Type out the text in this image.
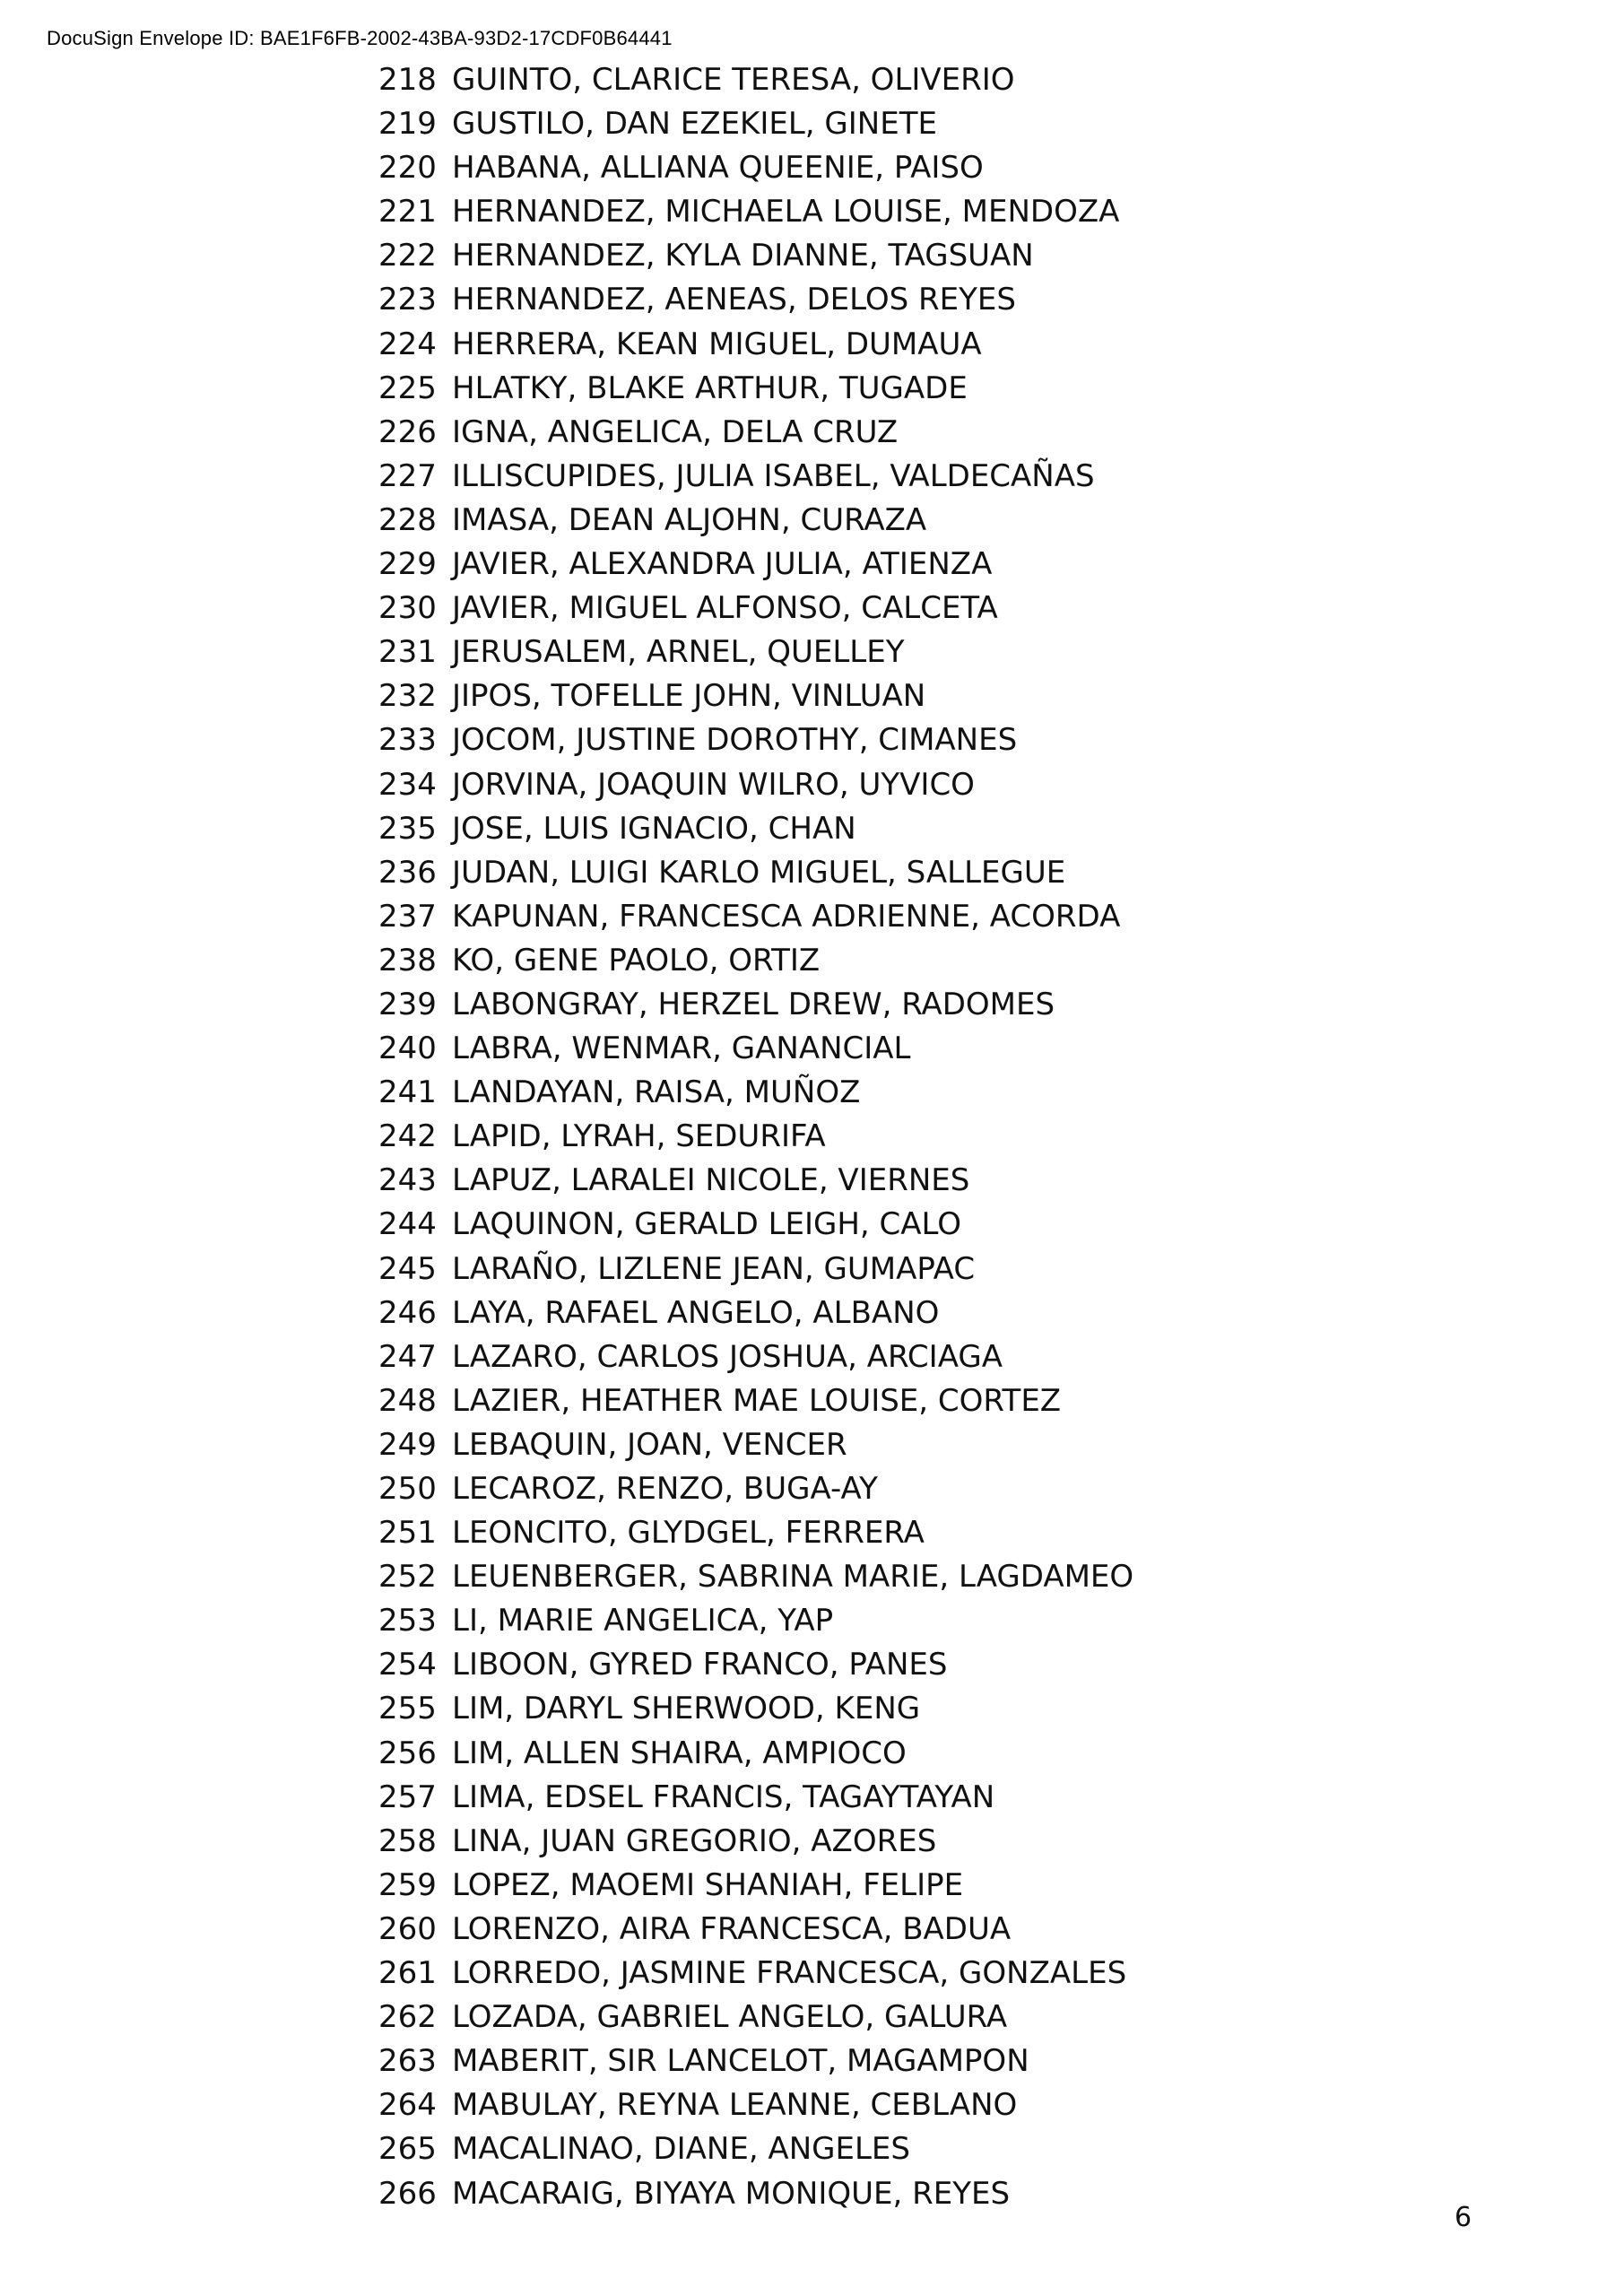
DocuSign Envelope ID: BAE1F6FB-2002-43BA-93D2-17CDF0B64441
218 GUINTO, CLARICE TERESA, OLIVERIO
219 GUSTILO, DAN EZEKIEL, GINETE
220 HABANA, ALLIANA QUEENIE, PAISO
221 HERNANDEZ, MICHAELA LOUISE, MENDOZA
222 HERNANDEZ, KYLA DIANNE, TAGSUAN
223 HERNANDEZ, AENEAS, DELOS REYES
224 HERRERA, KEAN MIGUEL, DUMAUA
225 HLATKY, BLAKE ARTHUR, TUGADE
226 IGNA, ANGELICA, DELA CRUZ
227 ILLISCUPIDES, JULIA ISABEL, VALDECAÑAS
228 IMASA, DEAN ALJOHN, CURAZA
229 JAVIER, ALEXANDRA JULIA, ATIENZA
230 JAVIER, MIGUEL ALFONSO, CALCETA
231 JERUSALEM, ARNEL, QUELLEY
232 JIPOS, TOFELLE JOHN, VINLUAN
233 JOCOM, JUSTINE DOROTHY, CIMANES
234 JORVINA, JOAQUIN WILRO, UYVICO
235 JOSE, LUIS IGNACIO, CHAN
236 JUDAN, LUIGI KARLO MIGUEL, SALLEGUE
237 KAPUNAN, FRANCESCA ADRIENNE, ACORDA
238 KO, GENE PAOLO, ORTIZ
239 LABONGRAY, HERZEL DREW, RADOMES
240 LABRA, WENMAR, GANANCIAL
241 LANDAYAN, RAISA, MUÑOZ
242 LAPID, LYRAH, SEDURIFA
243 LAPUZ, LARALEI NICOLE, VIERNES
244 LAQUINON, GERALD LEIGH, CALO
245 LARAÑO, LIZLENE JEAN, GUMAPAC
246 LAYA, RAFAEL ANGELO, ALBANO
247 LAZARO, CARLOS JOSHUA, ARCIAGA
248 LAZIER, HEATHER MAE LOUISE, CORTEZ
249 LEBAQUIN, JOAN, VENCER
250 LECAROZ, RENZO, BUGA-AY
251 LEONCITO, GLYDGEL, FERRERA
252 LEUENBERGER, SABRINA MARIE, LAGDAMEO
253 LI, MARIE ANGELICA, YAP
254 LIBOON, GYRED FRANCO, PANES
255 LIM, DARYL SHERWOOD, KENG
256 LIM, ALLEN SHAIRA, AMPIOCO
257 LIMA, EDSEL FRANCIS, TAGAYTAYAN
258 LINA, JUAN GREGORIO, AZORES
259 LOPEZ, MAOEMI SHANIAH, FELIPE
260 LORENZO, AIRA FRANCESCA, BADUA
261 LORREDO, JASMINE FRANCESCA, GONZALES
262 LOZADA, GABRIEL ANGELO, GALURA
263 MABERIT, SIR LANCELOT, MAGAMPON
264 MABULAY, REYNA LEANNE, CEBLANO
265 MACALINAO, DIANE, ANGELES
266 MACARAIG, BIYAYA MONIQUE, REYES
6
